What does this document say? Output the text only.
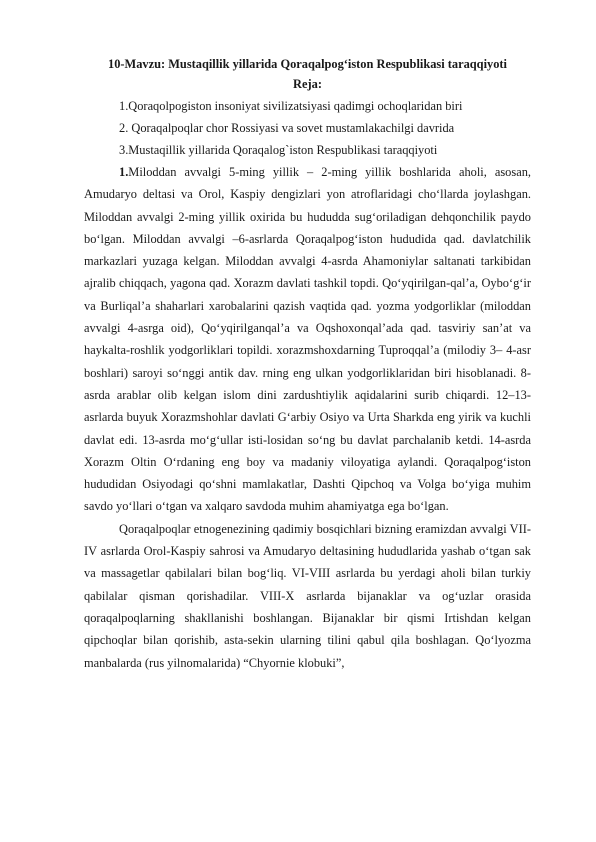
10-Mavzu: Mustaqillik yillarida Qoraqalpog‘iston Respublikasi taraqqiyoti

Reja:

1.Qoraqolpogiston insoniyat sivilizatsiyasi qadimgi ochoqlaridan biri

2. Qoraqalpoqlar chor Rossiyasi va sovet mustamlakachilgi davrida

3.Mustaqillik yillarida Qoraqalog`iston Respublikasi taraqqiyoti

1.Miloddan avvalgi 5-ming yillik – 2-ming yillik boshlarida aholi, asosan, Amudaryo deltasi va Orol, Kaspiy dengizlari yon atroflaridagi cho‘llarda joylashgan. Miloddan avvalgi 2-ming yillik oxirida bu hududda sug‘oriladigan dehqonchilik paydo bo‘lgan. Miloddan avvalgi –6-asrlarda Qoraqalpog‘iston hududida qad. davlatchilik markazlari yuzaga kelgan. Miloddan avvalgi 4-asrda Ahamoniylar saltanati tarkibidan ajralib chiqqach, yagona qad. Xorazm davlati tashkil topdi. Qo‘yqirilgan-qal’a, Oybo‘g‘ir va Burliqal’a shaharlari xarobalarini qazish vaqtida qad. yozma yodgorliklar (miloddan avvalgi 4-asrga oid), Qo‘yqirilganqal’a va Oqshoxonqal’ada qad. tasviriy san’at va haykalta-roshlik yodgorliklari topildi. xorazmshoxdarning Tuproqqal’a (milodiy 3– 4-asr boshlari) saroyi so‘nggi antik dav. rning eng ulkan yodgorliklaridan biri hisoblanadi. 8-asrda arablar olib kelgan islom dini zardushtiylik aqidalarini surib chiqardi. 12–13-asrlarda buyuk Xorazmshohlar davlati G‘arbiy Osiyo va Urta Sharkda eng yirik va kuchli davlat edi. 13-asrda mo‘g‘ullar isti-losidan so‘ng bu davlat parchalanib ketdi. 14-asrda Xorazm Oltin O‘rdaning eng boy va madaniy viloyatiga aylandi. Qoraqalpog‘iston hududidan Osiyodagi qo‘shni mamlakatlar, Dashti Qipchoq va Volga bo‘yiga muhim savdo yo‘llari o‘tgan va xalqaro savdoda muhim ahamiyatga ega bo‘lgan.

Qoraqalpoqlar etnogenezining qadimiy bosqichlari bizning eramizdan avvalgi VII-IV asrlarda Orol-Kaspiy sahrosi va Amudaryo deltasining hududlarida yashab o‘tgan sak va massagetlar qabilalari bilan bog‘liq. VI-VIII asrlarda bu yerdagi aholi bilan turkiy qabilalar qisman qorishadilar. VIII-X asrlarda bijanaklar va og‘uzlar orasida qoraqalpoqlarning shakllanishi boshlangan. Bijanaklar bir qismi Irtishdan kelgan qipchoqlar bilan qorishib, asta-sekin ularning tilini qabul qila boshlagan. Qo‘lyozma manbalarda (rus yilnomalarida) “Chyornie klobuki”,
